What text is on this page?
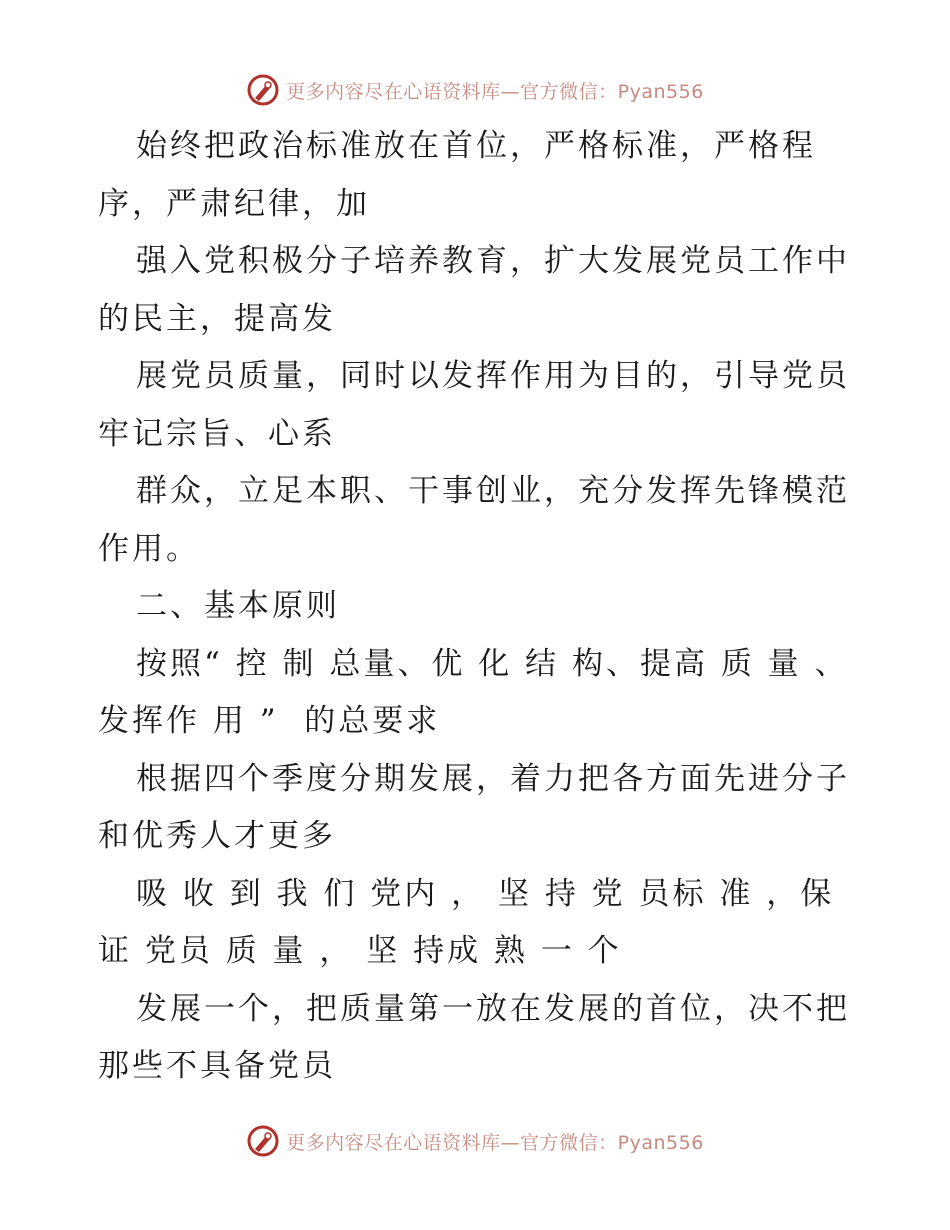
更多内容尽在心语资料库—官方微信：Pyan556

始终把政治标准放在首位，严格标准，严格程序，严肃纪律，加

强入党积极分子培养教育，扩大发展党员工作中的民主，提高发

展党员质量，同时以发挥作用为目的，引导党员牢记宗旨、心系

群众，立足本职、干事创业，充分发挥先锋模范作用。

二、基本原则

按照“ 控 制 总量、优 化 结 构、提高 质 量 、发挥作 用 ”  的总要求

根据四个季度分期发展，着力把各方面先进分子和优秀人才更多

吸 收 到 我 们 党内 ， 坚 持 党 员标 准 ，保 证 党员 质 量 ， 坚 持成 熟 一 个

发展一个，把质量第一放在发展的首位，决不把那些不具备党员

更多内容尽在心语资料库—官方微信：Pyan556
